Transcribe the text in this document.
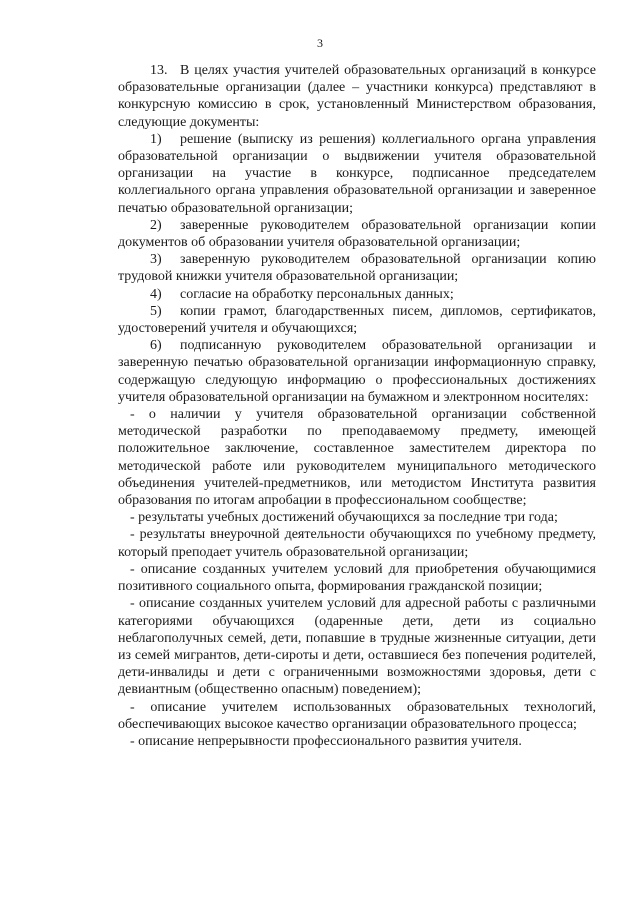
3

13. В целях участия учителей образовательных организаций в конкурсе образовательные организации (далее – участники конкурса) представляют в конкурсную комиссию в срок, установленный Министерством образования, следующие документы:

1) решение (выписку из решения) коллегиального органа управления образовательной организации о выдвижении учителя образовательной организации на участие в конкурсе, подписанное председателем коллегиального органа управления образовательной организации и заверенное печатью образовательной организации;

2) заверенные руководителем образовательной организации копии документов об образовании учителя образовательной организации;

3) заверенную руководителем образовательной организации копию трудовой книжки учителя образовательной организации;

4) согласие на обработку персональных данных;

5) копии грамот, благодарственных писем, дипломов, сертификатов, удостоверений учителя и обучающихся;

6) подписанную руководителем образовательной организации и заверенную печатью образовательной организации информационную справку, содержащую следующую информацию о профессиональных достижениях учителя образовательной организации на бумажном и электронном носителях:

- о наличии у учителя образовательной организации собственной методической разработки по преподаваемому предмету, имеющей положительное заключение, составленное заместителем директора по методической работе или руководителем муниципального методического объединения учителей-предметников, или методистом Института развития образования по итогам апробации в профессиональном сообществе;

- результаты учебных достижений обучающихся за последние три года;

- результаты внеурочной деятельности обучающихся по учебному предмету, который преподает учитель образовательной организации;

- описание созданных учителем условий для приобретения обучающимися позитивного социального опыта, формирования гражданской позиции;

- описание созданных учителем условий для адресной работы с различными категориями обучающихся (одаренные дети, дети из социально неблагополучных семей, дети, попавшие в трудные жизненные ситуации, дети из семей мигрантов, дети-сироты и дети, оставшиеся без попечения родителей, дети-инвалиды и дети с ограниченными возможностями здоровья, дети с девиантным (общественно опасным) поведением);

- описание учителем использованных образовательных технологий, обеспечивающих высокое качество организации образовательного процесса;

- описание непрерывности профессионального развития учителя.
